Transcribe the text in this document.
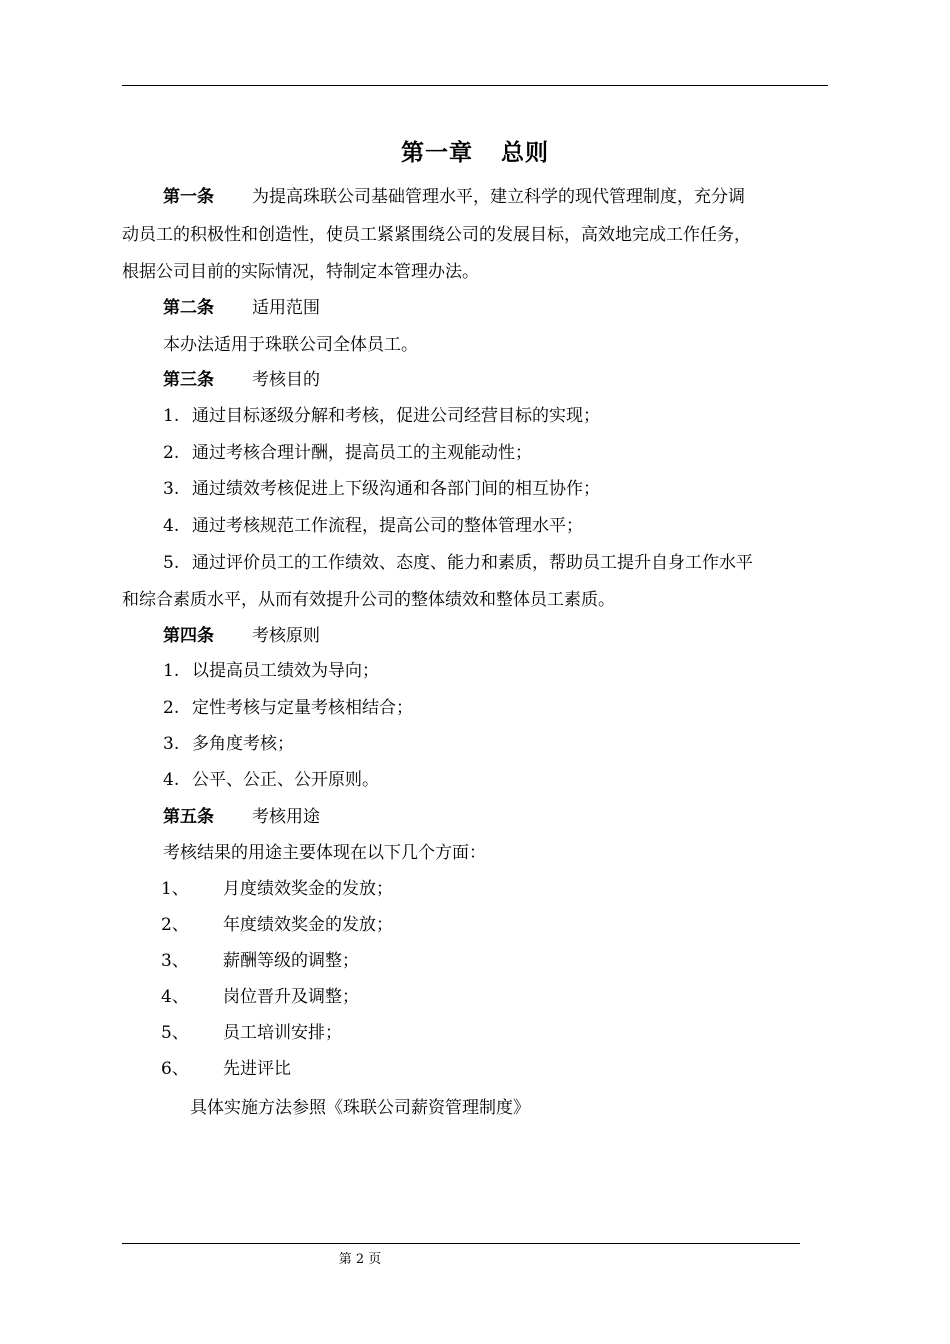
第一章 总则
第一条 为提高珠联公司基础管理水平，建立科学的现代管理制度，充分调
动员工的积极性和创造性，使员工紧紧围绕公司的发展目标，高效地完成工作任务，
根据公司目前的实际情况，特制定本管理办法。
第二条 适用范围
本办法适用于珠联公司全体员工。
第三条 考核目的
1. 通过目标逐级分解和考核，促进公司经营目标的实现；
2. 通过考核合理计酬，提高员工的主观能动性；
3. 通过绩效考核促进上下级沟通和各部门间的相互协作；
4. 通过考核规范工作流程，提高公司的整体管理水平；
5. 通过评价员工的工作绩效、态度、能力和素质，帮助员工提升自身工作水平
和综合素质水平，从而有效提升公司的整体绩效和整体员工素质。
第四条 考核原则
1. 以提高员工绩效为导向；
2. 定性考核与定量考核相结合；
3. 多角度考核；
4. 公平、公正、公开原则。
第五条 考核用途
考核结果的用途主要体现在以下几个方面：
1、 月度绩效奖金的发放；
2、 年度绩效奖金的发放；
3、 薪酬等级的调整；
4、 岗位晋升及调整；
5、 员工培训安排；
6、 先进评比
具体实施方法参照《珠联公司薪资管理制度》
第 2 页
